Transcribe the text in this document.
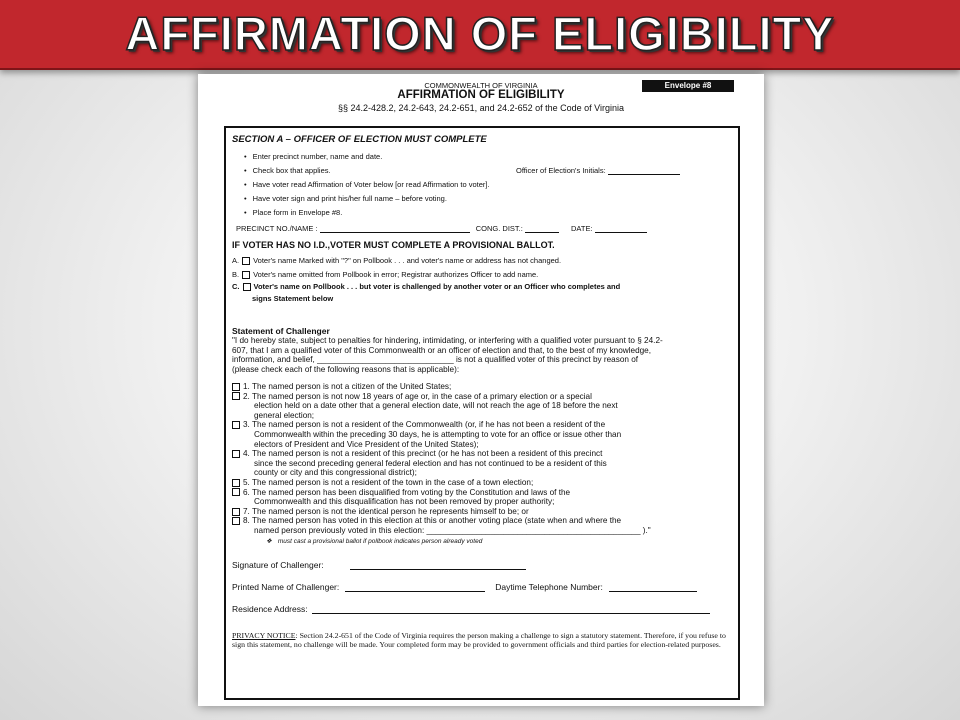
AFFIRMATION OF ELIGIBILITY
COMMONWEALTH OF VIRGINIA
AFFIRMATION OF ELIGIBILITY
§§ 24.2-428.2, 24.2-643, 24.2-651, and 24.2-652 of the Code of Virginia
Envelope #8
SECTION A – OFFICER OF ELECTION MUST COMPLETE
• Enter precinct number, name and date.
• Check box that applies.	Officer of Election's Initials:
• Have voter read Affirmation of Voter below [or read Affirmation to voter].
• Have voter sign and print his/her full name – before voting.
• Place form in Envelope #8.
PRECINCT NO./NAME :	CONG. DIST.:	DATE:
IF VOTER HAS NO I.D.,VOTER MUST COMPLETE A PROVISIONAL BALLOT.
A. Voter's name Marked with "?" on Pollbook . . . and voter's name or address has not changed.
B. Voter's name omitted from Pollbook in error; Registrar authorizes Officer to add name.
C. Voter's name on Pollbook . . . but voter is challenged by another voter or an Officer who completes and
signs Statement below
Statement of Challenger
"I do hereby state, subject to penalties for hindering, intimidating, or interfering with a qualified voter pursuant to § 24.2-
607, that I am a qualified voter of this Commonwealth or an officer of election and that, to the best of my knowledge,
information, and belief, ______________________________ is not a qualified voter of this precinct by reason of
(please check each of the following reasons that is applicable):
1. The named person is not a citizen of the United States;
2. The named person is not now 18 years of age or, in the case of a primary election or a special
election held on a date other that a general election date, will not reach the age of 18 before the next
general election;
3. The named person is not a resident of the Commonwealth (or, if he has not been a resident of the
Commonwealth within the preceding 30 days, he is attempting to vote for an office or issue other than
electors of President and Vice President of the United States);
4. The named person is not a resident of this precinct (or he has not been a resident of this precinct
since the second preceding general federal election and has not continued to be a resident of this
county or city and this congressional district);
5. The named person is not a resident of the town in the case of a town election;
6. The named person has been disqualified from voting by the Constitution and laws of the
Commonwealth and this disqualification has not been removed by proper authority;
7. The named person is not the identical person he represents himself to be; or
8. The named person has voted in this election at this or another voting place (state when and where the
named person previously voted in this election: _______________________________________________ )."
❖ must cast a provisional ballot if pollbook indicates person already voted
Signature of Challenger:
Printed Name of Challenger:	Daytime Telephone Number:
Residence Address:
PRIVACY NOTICE: Section 24.2-651 of the Code of Virginia requires the person making a challenge to sign a statutory statement. Therefore, if you refuse to sign this statement, no challenge will be made. Your completed form may be provided to government officials and third parties for election-related purposes.
